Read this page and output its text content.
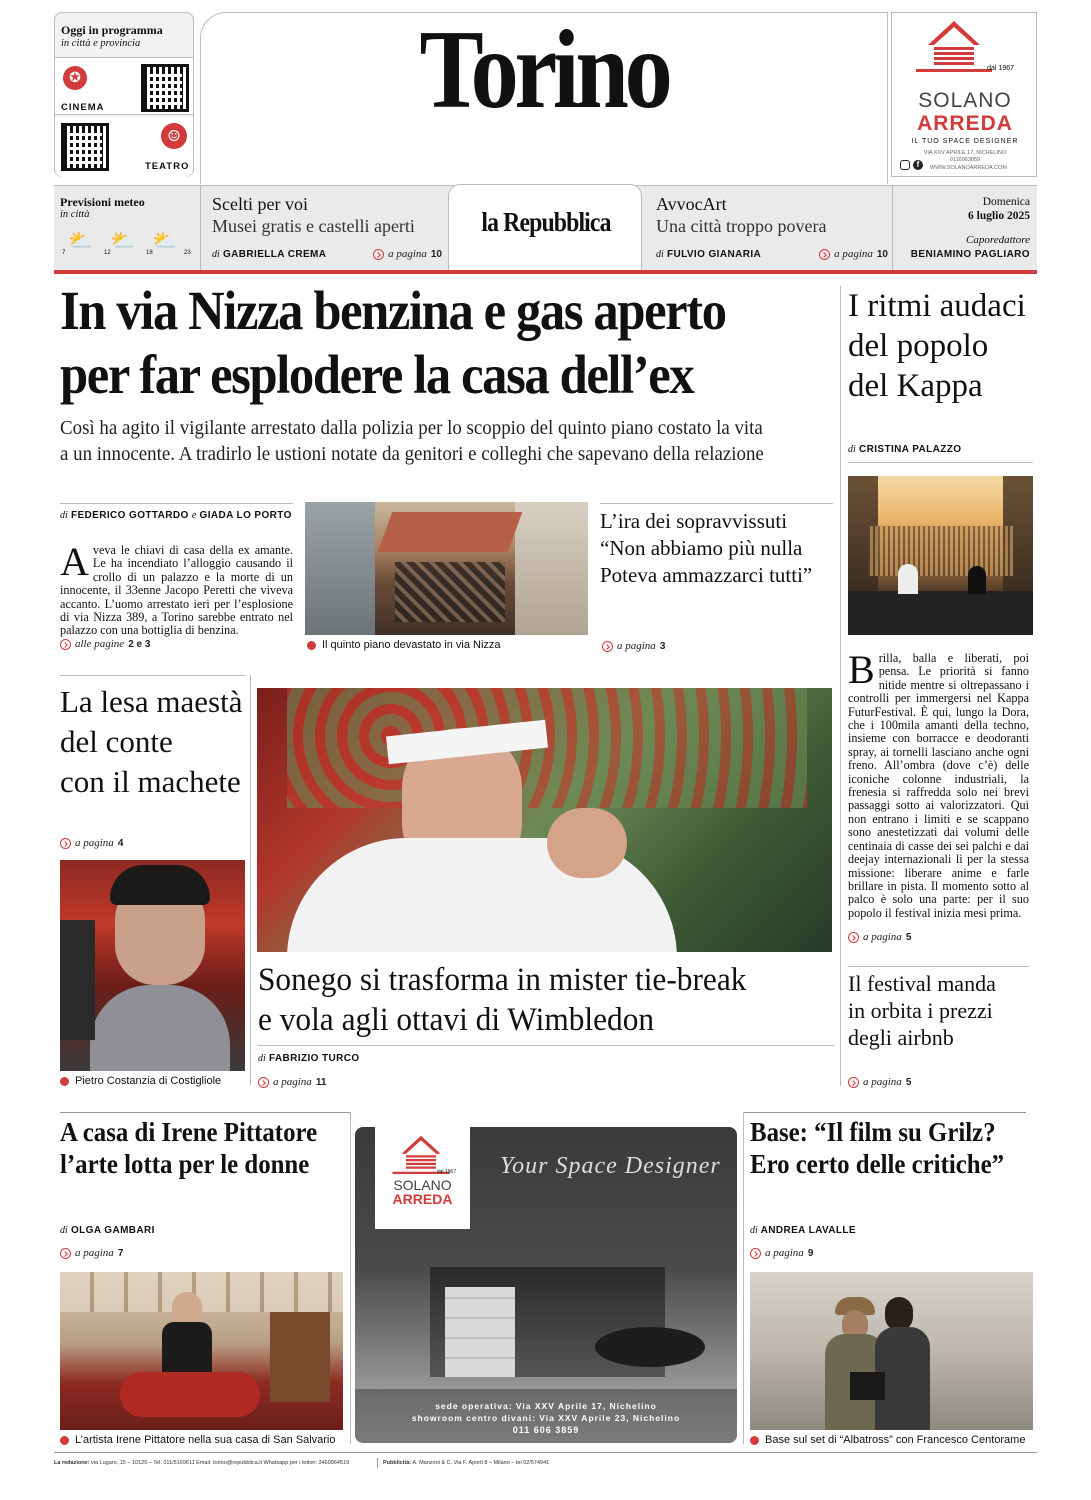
Oggi in programma
in città e provincia
✪
CINEMA
☺
TEATRO
Torino	dal 1967
SOLANO
ARREDA
IL TUO SPACE DESIGNER
VIA XXV APRILE 17, NICHELINO
0116063859
f	WWW.SOLANOARREDA.COM
Previsioni meteo
in città
⛅ ⛅ ⛅
7	12	18	23
Scelti per voi
Musei gratis e castelli aperti
di GABRIELLA CREMA	a pagina 10
la Repubblica
AvvocArt
Una città troppo povera
di FULVIO GIANARIA	a pagina 10
Domenica
6 luglio 2025
Caporedattore
BENIAMINO PAGLIARO
In via Nizza benzina e gas aperto
per far esplodere la casa dell’ex
Così ha agito il vigilante arrestato dalla polizia per lo scoppio del quinto piano costato la vita
a un innocente. A tradirlo le ustioni notate da genitori e colleghi che sapevano della relazione
di FEDERICO GOTTARDO e GIADA LO PORTO
Aveva le chiavi di casa della ex amante. Le ha incendiato l’alloggio causando il crollo di un palazzo e la morte di un innocente, il 33enne Jacopo Peretti che viveva accanto. L’uomo arrestato ieri per l’esplosione di via Nizza 389, a Torino sarebbe entrato nel palazzo con una bottiglia di benzina.
alle pagine 2 e 3	Il quinto piano devastato in via Nizza
L’ira dei sopravvissuti
“Non abbiamo più nulla
Poteva ammazzarci tutti”
a pagina 3
I ritmi audaci
del popolo
del Kappa
di CRISTINA PALAZZO
Brilla, balla e liberati, poi pensa. Le priorità si fanno nitide mentre si oltrepassano i controlli per immergersi nel Kappa FuturFestival. È qui, lungo la Dora, che i 100mila amanti della techno, insieme con borracce e deodoranti spray, ai tornelli lasciano anche ogni freno. All’ombra (dove c’è) delle iconiche colonne industriali, la frenesia si raffredda solo nei brevi passaggi sotto ai valorizzatori. Qui non entrano i limiti e se scappano sono anestetizzati dai volumi delle centinaia di casse dei sei palchi e dai deejay internazionali lì per la stessa missione: liberare anime e farle brillare in pista. Il momento sotto al palco è solo una parte: per il suo popolo il festival inizia mesi prima.
a pagina 5
Il festival manda
in orbita i prezzi
degli airbnb
a pagina 5
La lesa maestà
del conte
con il machete
a pagina 4
Pietro Costanzia di Costigliole
Sonego si trasforma in mister tie-break
e vola agli ottavi di Wimbledon
di FABRIZIO TURCO
a pagina 11
A casa di Irene Pittatore
l’arte lotta per le donne
di OLGA GAMBARI
a pagina 7
L’artista Irene Pittatore nella sua casa di San Salvario
dal 1967
SOLANO
ARREDA
Your Space Designer
sede operativa: Via XXV Aprile 17, Nichelino
showroom centro divani: Via XXV Aprile 23, Nichelino
011 606 3859
Base: “Il film su Grilz?
Ero certo delle critiche”
di ANDREA LAVALLE
a pagina 9
Base sul set di “Albatross” con Francesco Centorame
La redazione: via Lugaro, 15 – 10126 – Tel. 011/5169611 Email: torino@repubblica.it Whatsapp per i lettori: 3460964519	Pubblicità: A. Manzoni & C. Via F. Aporti 8 – Milano – tel 02/574941
